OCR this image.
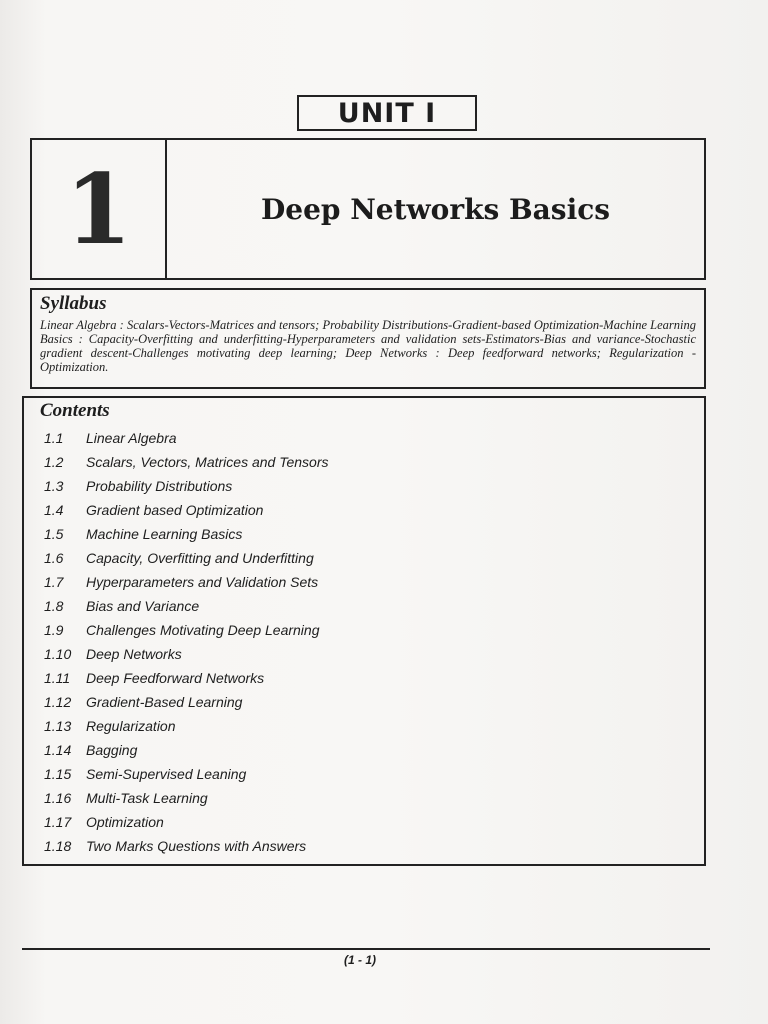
UNIT I
1	Deep Networks Basics
Syllabus

Linear Algebra : Scalars-Vectors-Matrices and tensors; Probability Distributions-Gradient-based Optimization-Machine Learning Basics : Capacity-Overfitting and underfitting-Hyperparameters and validation sets-Estimators-Bias and variance-Stochastic gradient descent-Challenges motivating deep learning; Deep Networks : Deep feedforward networks; Regularization - Optimization.

Contents
1.1	Linear Algebra
1.2	Scalars, Vectors, Matrices and Tensors
1.3	Probability Distributions
1.4	Gradient based Optimization
1.5	Machine Learning Basics
1.6	Capacity, Overfitting and Underfitting
1.7	Hyperparameters and Validation Sets
1.8	Bias and Variance
1.9	Challenges Motivating Deep Learning
1.10	Deep Networks
1.11	Deep Feedforward Networks
1.12	Gradient-Based Learning
1.13	Regularization
1.14	Bagging
1.15	Semi-Supervised Leaning
1.16	Multi-Task Learning
1.17	Optimization
1.18	Two Marks Questions with Answers
(1 - 1)
